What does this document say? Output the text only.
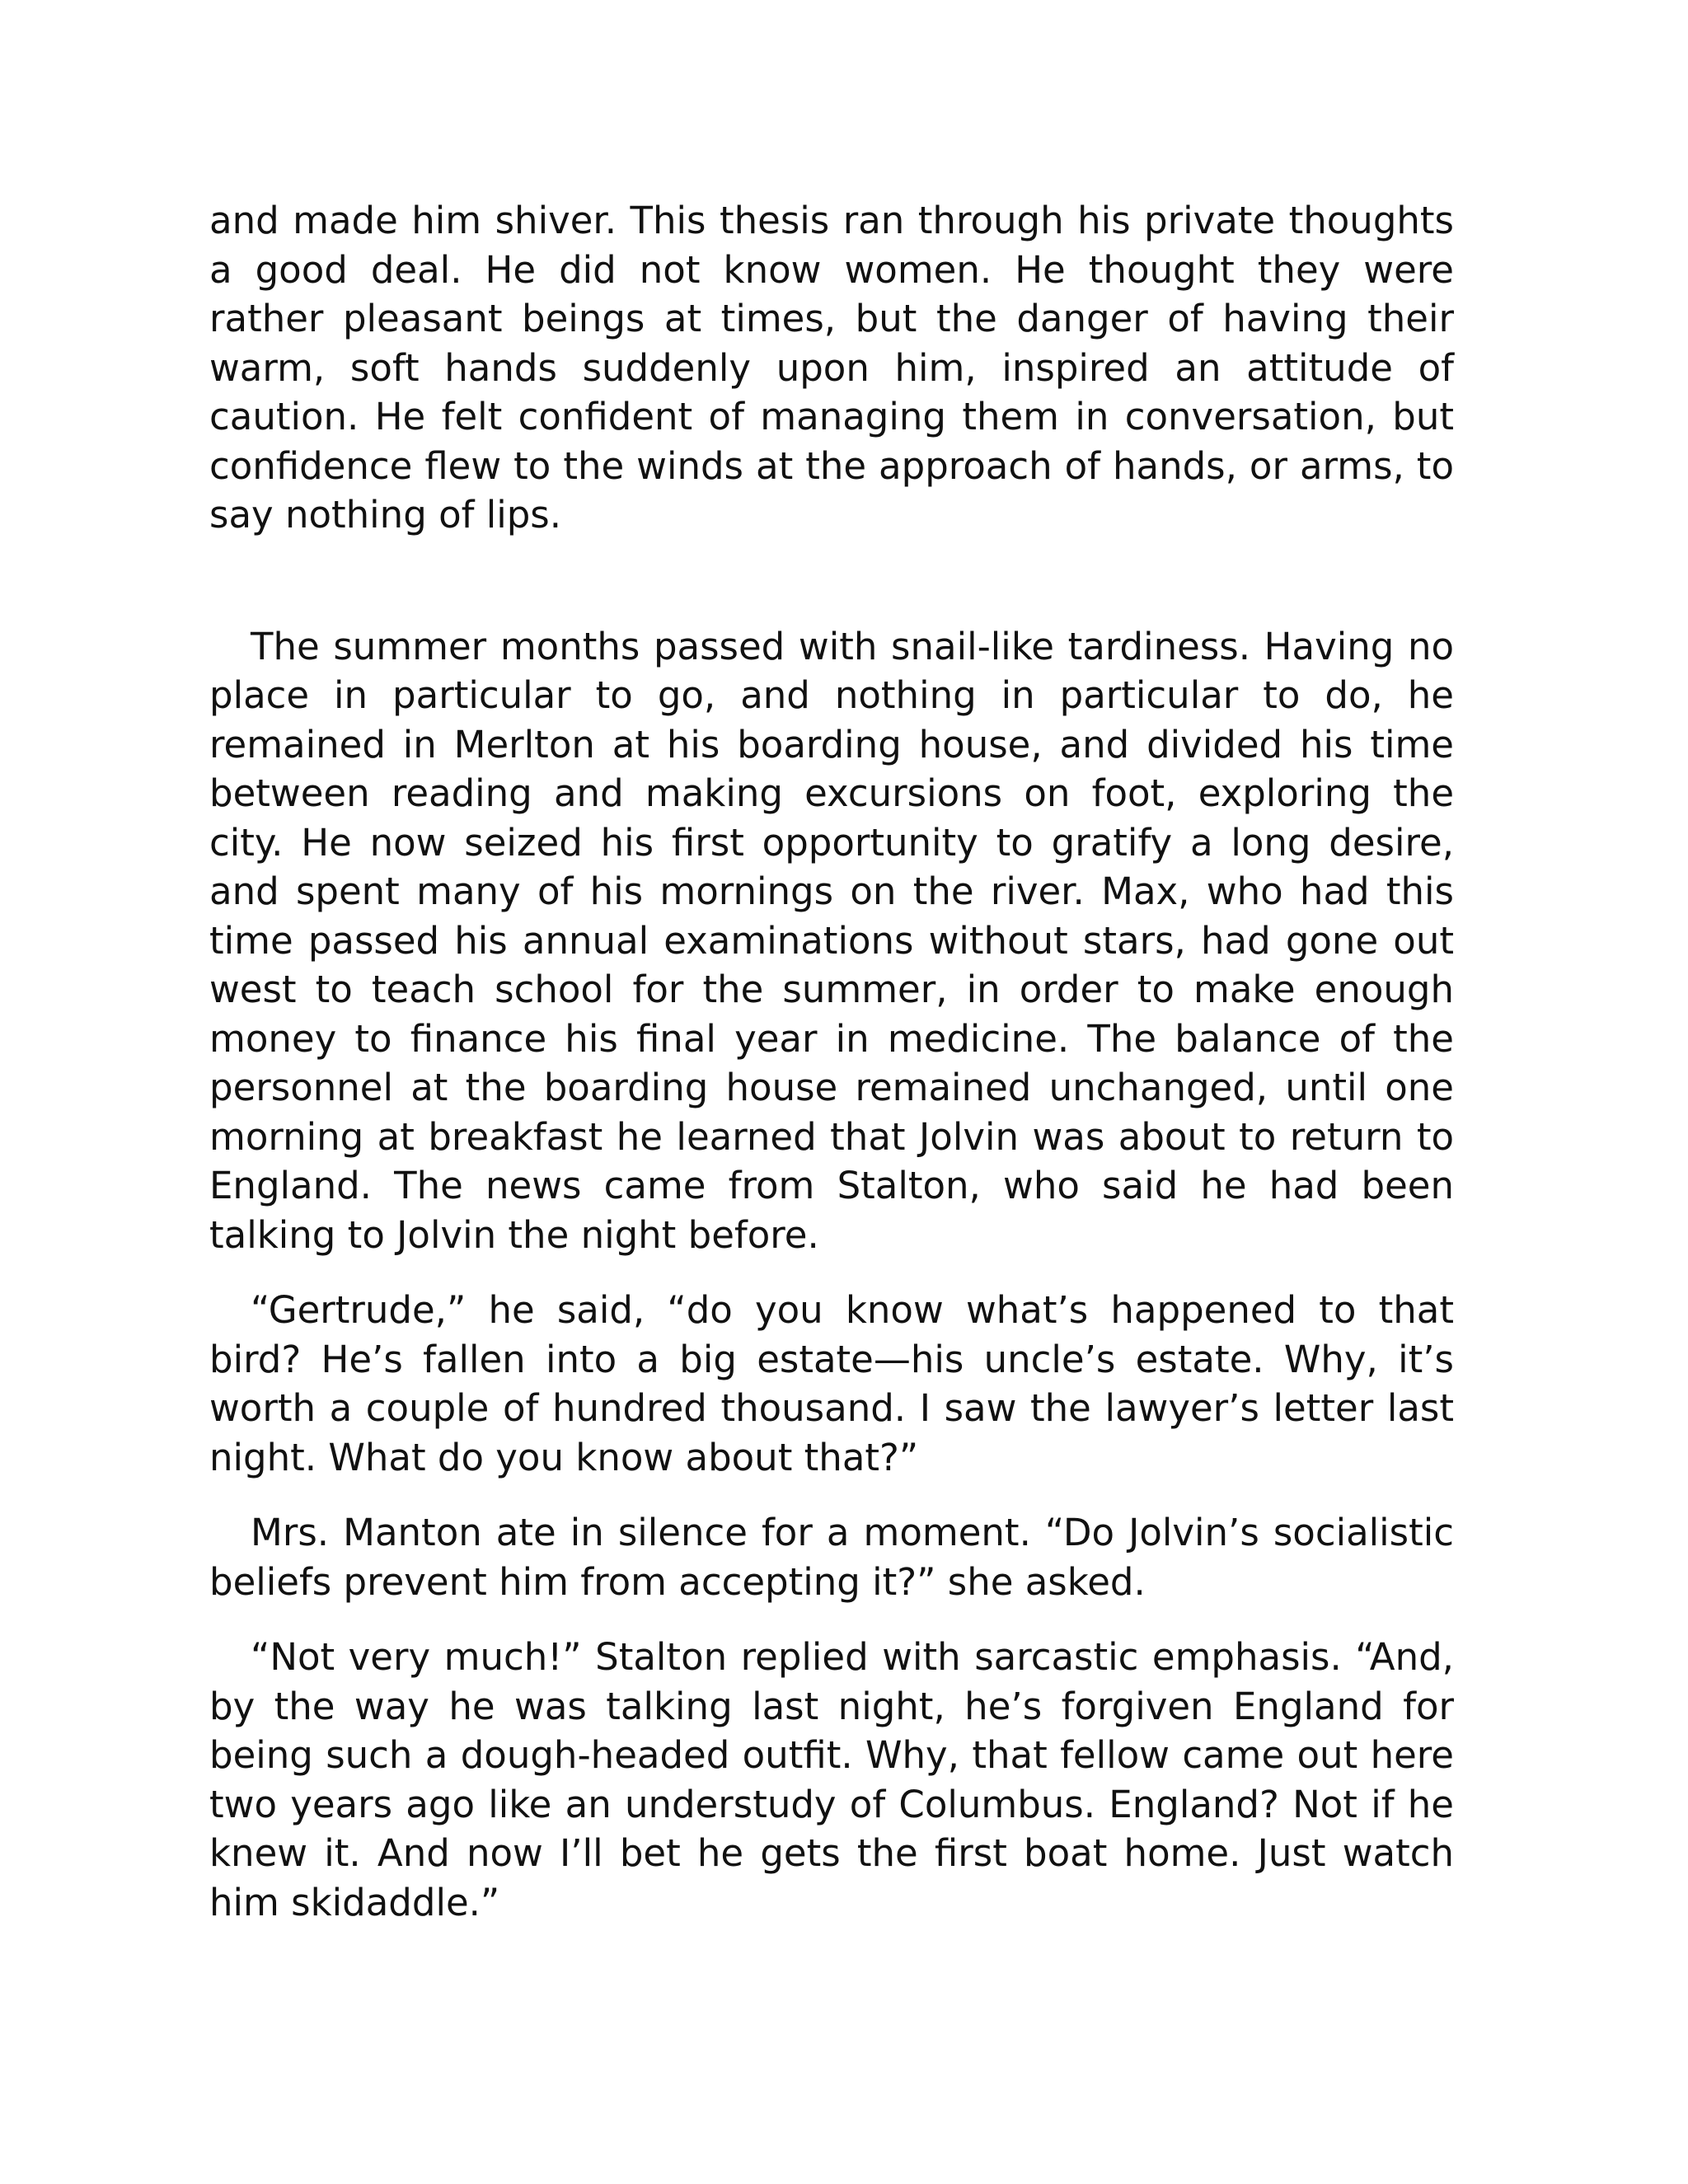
and made him shiver. This thesis ran through his private thoughts a good deal. He did not know women. He thought they were rather pleasant beings at times, but the danger of having their warm, soft hands suddenly upon him, inspired an attitude of caution. He felt confident of managing them in conversation, but confidence flew to the winds at the approach of hands, or arms, to say nothing of lips.

The summer months passed with snail-like tardiness. Having no place in particular to go, and nothing in particular to do, he remained in Merlton at his boarding house, and divided his time between reading and making excursions on foot, exploring the city. He now seized his first opportunity to gratify a long desire, and spent many of his mornings on the river. Max, who had this time passed his annual examinations without stars, had gone out west to teach school for the summer, in order to make enough money to finance his final year in medicine. The balance of the personnel at the boarding house remained unchanged, until one morning at breakfast he learned that Jolvin was about to return to England. The news came from Stalton, who said he had been talking to Jolvin the night before.

“Gertrude,” he said, “do you know what’s happened to that bird? He’s fallen into a big estate—his uncle’s estate. Why, it’s worth a couple of hundred thousand. I saw the lawyer’s letter last night. What do you know about that?”

Mrs. Manton ate in silence for a moment. “Do Jolvin’s socialistic beliefs prevent him from accepting it?” she asked.

“Not very much!” Stalton replied with sarcastic emphasis. “And, by the way he was talking last night, he’s forgiven England for being such a dough-headed outfit. Why, that fellow came out here two years ago like an understudy of Columbus. England? Not if he knew it. And now I’ll bet he gets the first boat home. Just watch him skidaddle.”
